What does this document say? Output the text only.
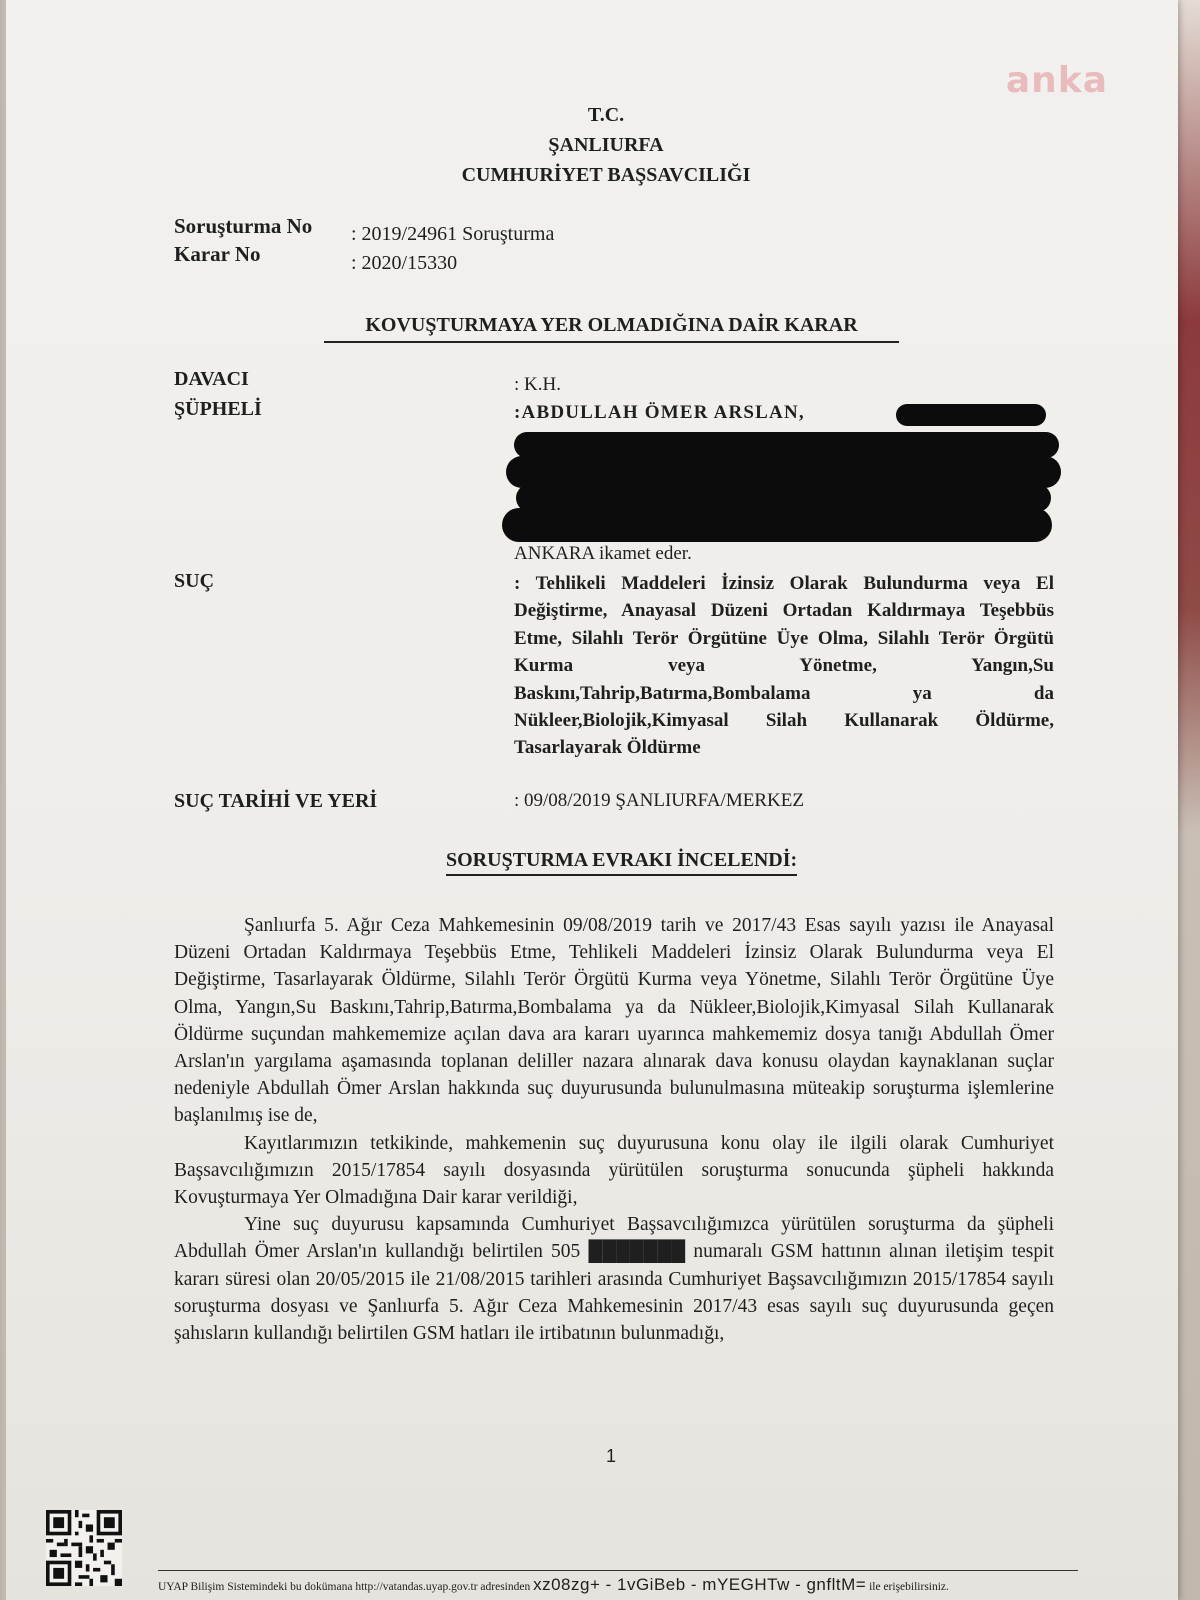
anka
T.C.
ŞANLIURFA
CUMHURİYET BAŞSAVCILIĞI
Soruşturma No : 2019/24961 Soruşturma
Karar No	: 2020/15330
KOVUŞTURMAYA YER OLMADIĞINA DAİR KARAR
DAVACI	: K.H.
ŞÜPHELİ	:ABDULLAH ÖMER ARSLAN,
ANKARA ikamet eder.
SUÇ	: Tehlikeli Maddeleri İzinsiz Olarak Bulundurma veya El Değiştirme, Anayasal Düzeni Ortadan Kaldırmaya Teşebbüs Etme, Silahlı Terör Örgütüne Üye Olma, Silahlı Terör Örgütü Kurma veya Yönetme, Yangın,Su Baskını,Tahrip,Batırma,Bombalama ya da Nükleer,Biolojik,Kimyasal Silah Kullanarak Öldürme, Tasarlayarak Öldürme
SUÇ TARİHİ VE YERİ	: 09/08/2019 ŞANLIURFA/MERKEZ
SORUŞTURMA EVRAKI İNCELENDİ:

Şanlıurfa 5. Ağır Ceza Mahkemesinin 09/08/2019 tarih ve 2017/43 Esas sayılı yazısı ile Anayasal Düzeni Ortadan Kaldırmaya Teşebbüs Etme, Tehlikeli Maddeleri İzinsiz Olarak Bulundurma veya El Değiştirme, Tasarlayarak Öldürme, Silahlı Terör Örgütü Kurma veya Yönetme, Silahlı Terör Örgütüne Üye Olma, Yangın,Su Baskını,Tahrip,Batırma,Bombalama ya da Nükleer,Biolojik,Kimyasal Silah Kullanarak Öldürme suçundan mahkememize açılan dava ara kararı uyarınca mahkememiz dosya tanığı Abdullah Ömer Arslan'ın yargılama aşamasında toplanan deliller nazara alınarak dava konusu olaydan kaynaklanan suçlar nedeniyle Abdullah Ömer Arslan hakkında suç duyurusunda bulunulmasına müteakip soruşturma işlemlerine başlanılmış ise de,

Kayıtlarımızın tetkikinde, mahkemenin suç duyurusuna konu olay ile ilgili olarak Cumhuriyet Başsavcılığımızın 2015/17854 sayılı dosyasında yürütülen soruşturma sonucunda şüpheli hakkında Kovuşturmaya Yer Olmadığına Dair karar verildiği,

Yine suç duyurusu kapsamında Cumhuriyet Başsavcılığımızca yürütülen soruşturma da şüpheli Abdullah Ömer Arslan'ın kullandığı belirtilen 505 ███████ numaralı GSM hattının alınan iletişim tespit kararı süresi olan 20/05/2015 ile 21/08/2015 tarihleri arasında Cumhuriyet Başsavcılığımızın 2015/17854 sayılı soruşturma dosyası ve Şanlıurfa 5. Ağır Ceza Mahkemesinin 2017/43 esas sayılı suç duyurusunda geçen şahısların kullandığı belirtilen GSM hatları ile irtibatının bulunmadığı,

1
UYAP Bilişim Sistemindeki bu dokümana http://vatandas.uyap.gov.tr adresinden xz08zg+ - 1vGiBeb - mYEGHTw - gnfltM= ile erişebilirsiniz.
